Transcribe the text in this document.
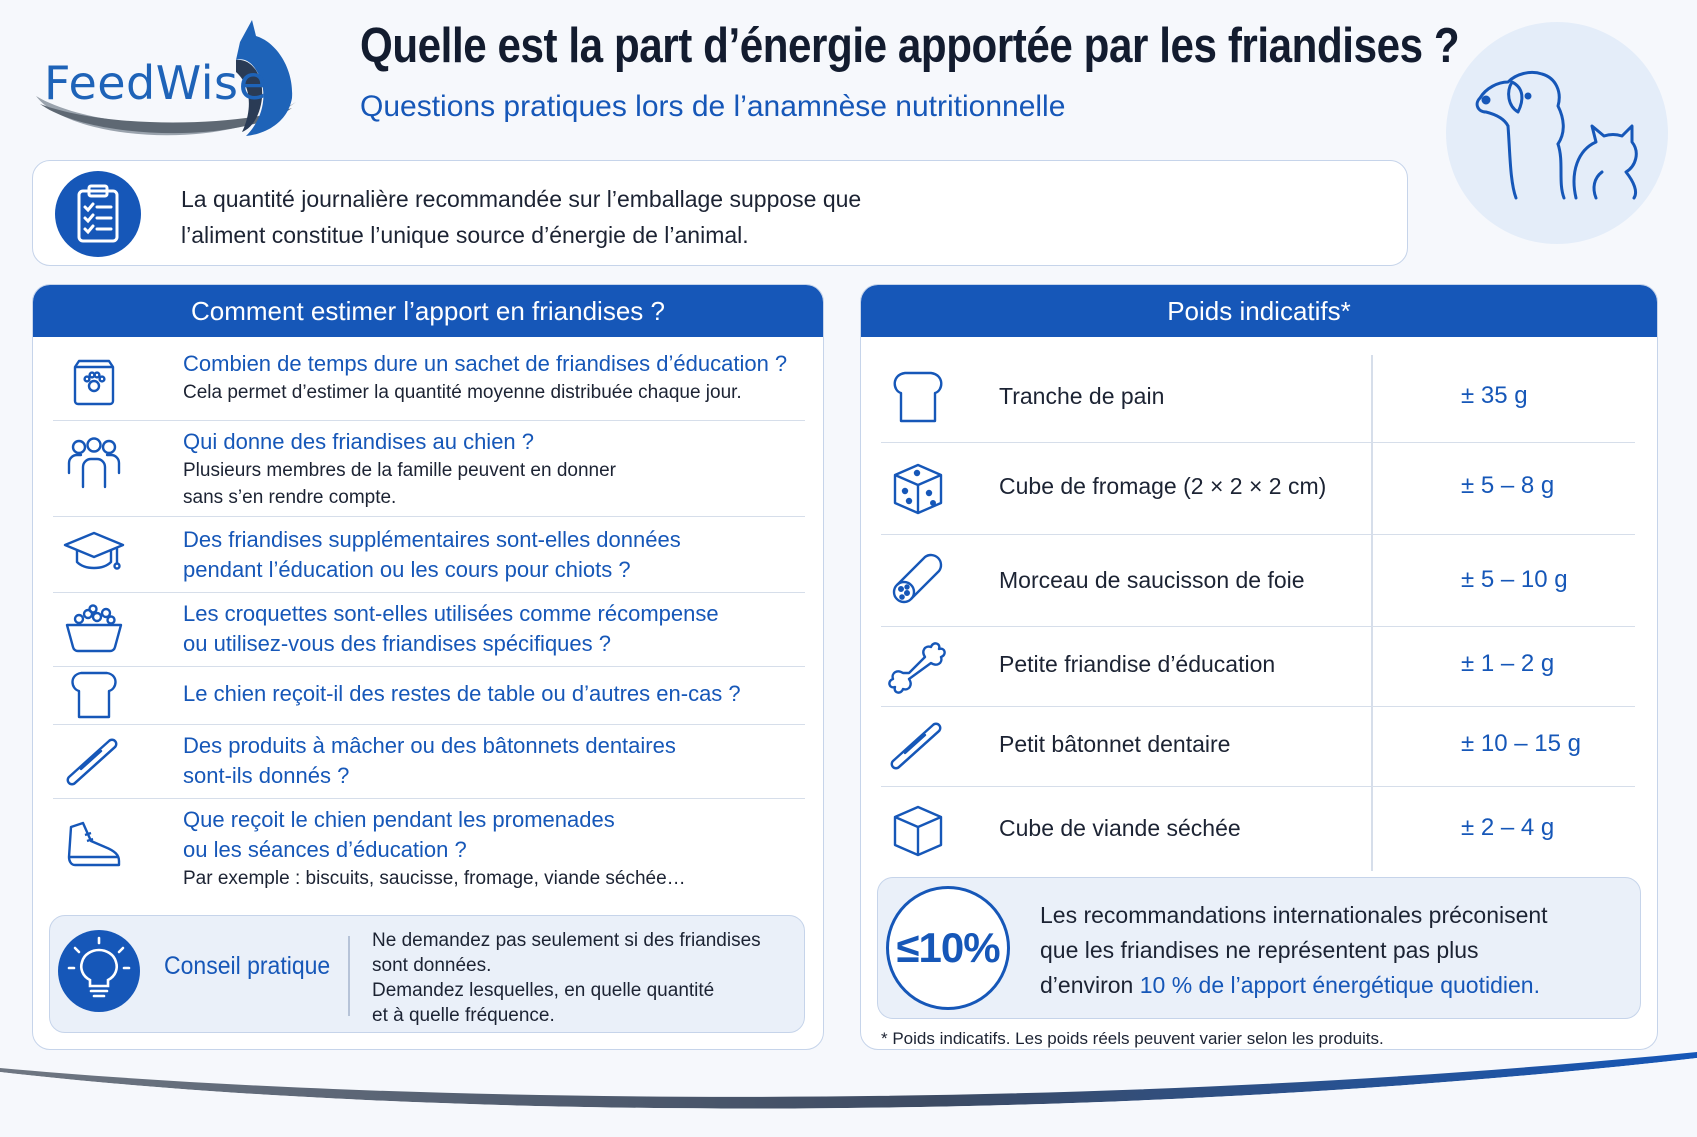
FeedWise
Quelle est la part d’énergie apportée par les friandises ?
Questions pratiques lors de l’anamnèse nutritionnelle
La quantité journalière recommandée sur l’emballage suppose que
l’aliment constitue l’unique source d’énergie de l’animal.
Comment estimer l’apport en friandises ?
Combien de temps dure un sachet de friandises d’éducation ?
Cela permet d’estimer la quantité moyenne distribuée chaque jour.
Qui donne des friandises au chien ?
Plusieurs membres de la famille peuvent en donner
sans s’en rendre compte.
Des friandises supplémentaires sont-elles données
pendant l’éducation ou les cours pour chiots ?
Les croquettes sont-elles utilisées comme récompense
ou utilisez-vous des friandises spécifiques ?
Le chien reçoit-il des restes de table ou d’autres en-cas ?
Des produits à mâcher ou des bâtonnets dentaires
sont-ils donnés ?
Que reçoit le chien pendant les promenades
ou les séances d’éducation ?
Par exemple : biscuits, saucisse, fromage, viande séchée…
Conseil pratique
Ne demandez pas seulement si des friandises
sont données.
Demandez lesquelles, en quelle quantité
et à quelle fréquence.
Poids indicatifs*
Tranche de pain	± 35 g
Cube de fromage (2 × 2 × 2 cm)	± 5 – 8 g
Morceau de saucisson de foie	± 5 – 10 g
Petite friandise d’éducation	± 1 – 2 g
Petit bâtonnet dentaire	± 10 – 15 g
Cube de viande séchée	± 2 – 4 g
≤10%
Les recommandations internationales préconisent
que les friandises ne représentent pas plus
d’environ 10 % de l’apport énergétique quotidien.
* Poids indicatifs. Les poids réels peuvent varier selon les produits.
